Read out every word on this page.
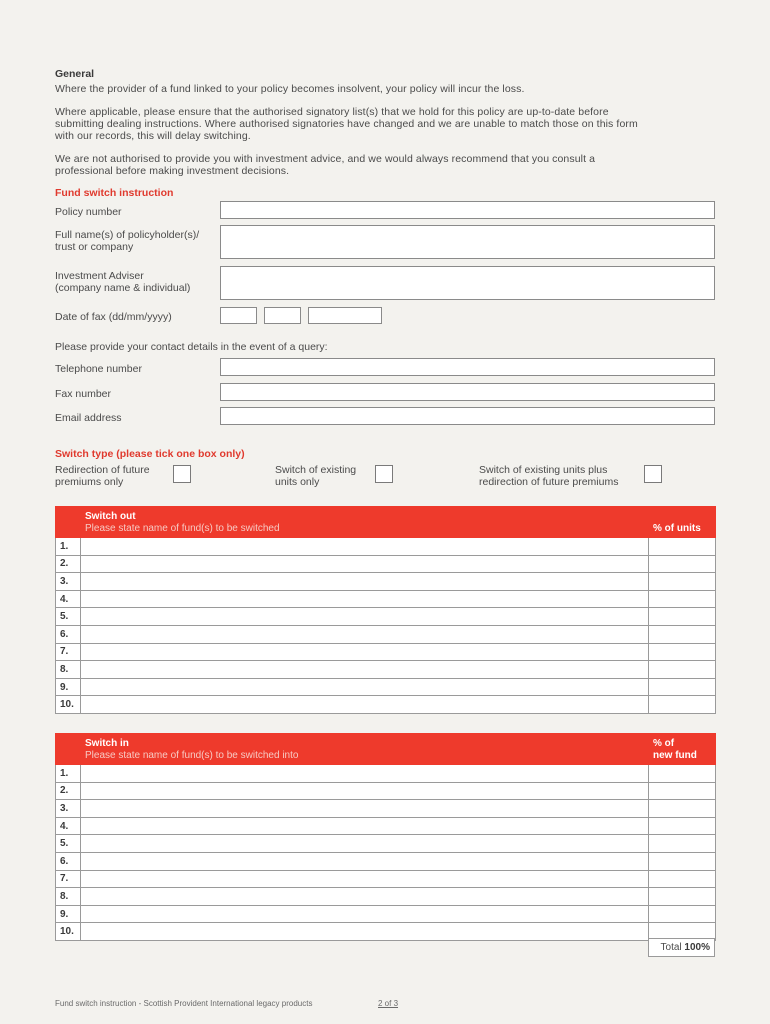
General
Where the provider of a fund linked to your policy becomes insolvent, your policy will incur the loss.
Where applicable, please ensure that the authorised signatory list(s) that we hold for this policy are up-to-date before
submitting dealing instructions. Where authorised signatories have changed and we are unable to match those on this form
with our records, this will delay switching.
We are not authorised to provide you with investment advice, and we would always recommend that you consult a
professional before making investment decisions.
Fund switch instruction
Policy number
Full name(s) of policyholder(s)/
trust or company
Investment Adviser
(company name & individual)
Date of fax (dd/mm/yyyy)
Please provide your contact details in the event of a query:
Telephone number
Fax number
Email address
Switch type (please tick one box only)
Redirection of future
premiums only
Switch of existing
units only
Switch of existing units plus
redirection of future premiums

	Switch out
Please state name of fund(s) to be switched	% of units
1.		
2.		
3.		
4.		
5.		
6.		
7.		
8.		
9.		
10.		

	Switch in
Please state name of fund(s) to be switched into	% of
new fund

1.		
2.		
3.		
4.		
5.		
6.		
7.		
8.		
9.		
10.		
Total 100%
Fund switch instruction - Scottish Provident International legacy products	2 of 3
